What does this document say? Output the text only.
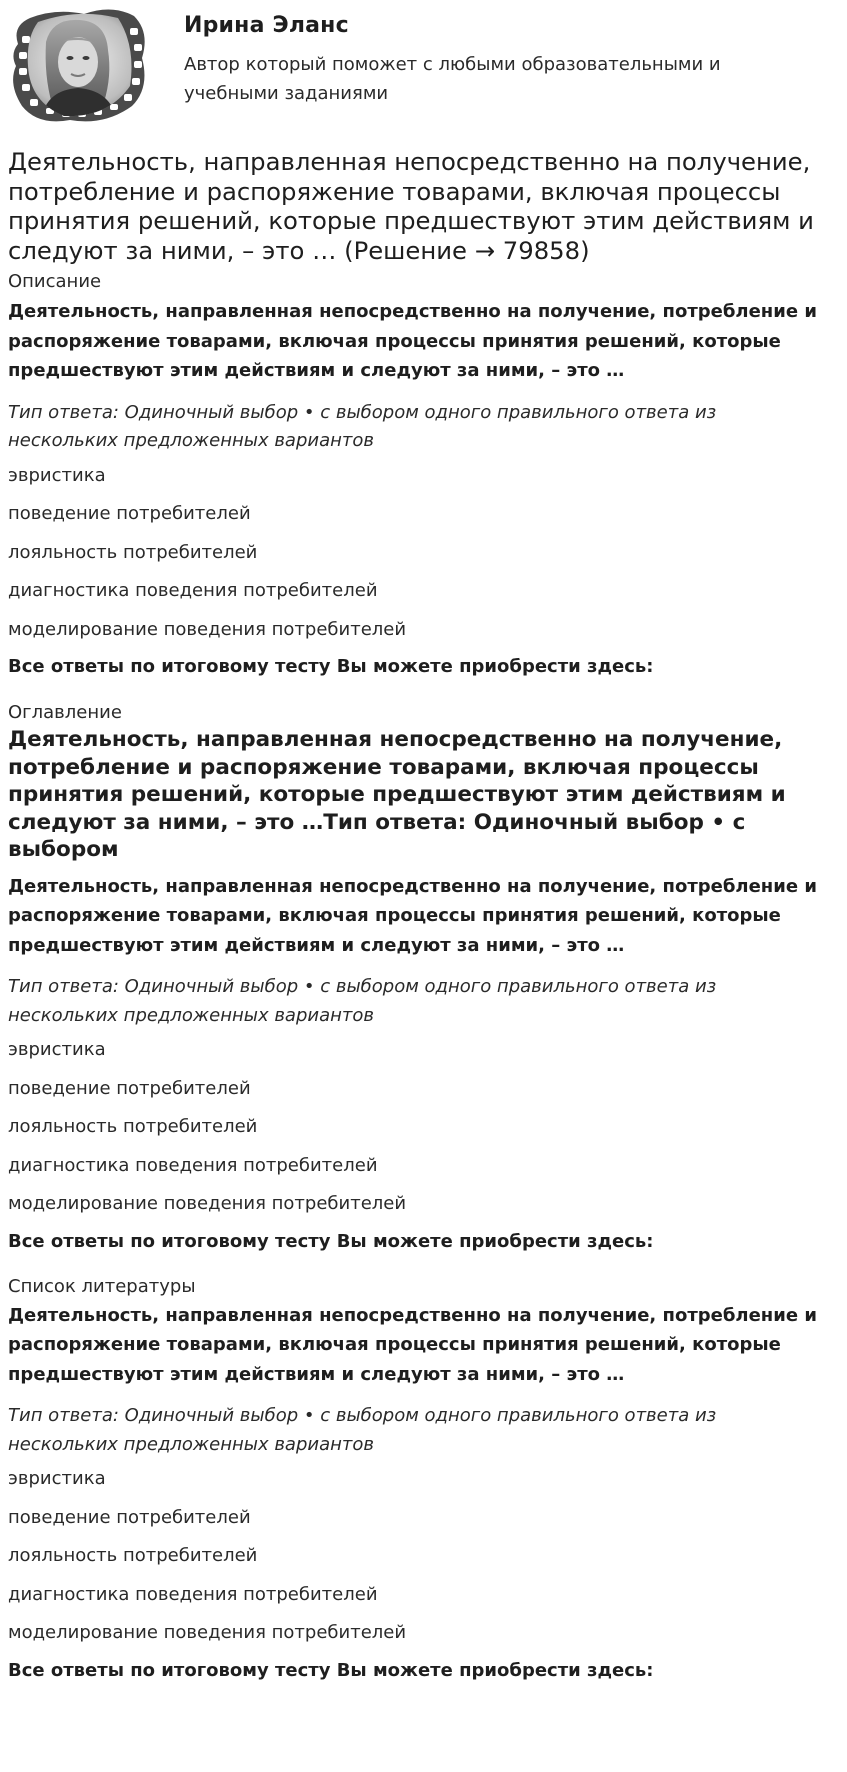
Ирина Эланс
Автор который поможет с любыми образовательными и учебными заданиями
Деятельность, направленная непосредственно на получение, потребление и распоряжение товарами, включая процессы принятия решений, которые предшествуют этим действиям и следуют за ними, – это … (Решение → 79858)
Описание
Деятельность, направленная непосредственно на получение, потребление и распоряжение товарами, включая процессы принятия решений, которые предшествуют этим действиям и следуют за ними, – это …
Тип ответа: Одиночный выбор • с выбором одного правильного ответа из нескольких предложенных вариантов
эвристика
поведение потребителей
лояльность потребителей
диагностика поведения потребителей
моделирование поведения потребителей
Все ответы по итоговому тесту Вы можете приобрести здесь:
Оглавление
Деятельность, направленная непосредственно на получение, потребление и распоряжение товарами, включая процессы принятия решений, которые предшествуют этим действиям и следуют за ними, – это …Тип ответа: Одиночный выбор • с выбором
Деятельность, направленная непосредственно на получение, потребление и распоряжение товарами, включая процессы принятия решений, которые предшествуют этим действиям и следуют за ними, – это …
Тип ответа: Одиночный выбор • с выбором одного правильного ответа из нескольких предложенных вариантов
эвристика
поведение потребителей
лояльность потребителей
диагностика поведения потребителей
моделирование поведения потребителей
Все ответы по итоговому тесту Вы можете приобрести здесь:
Список литературы
Деятельность, направленная непосредственно на получение, потребление и распоряжение товарами, включая процессы принятия решений, которые предшествуют этим действиям и следуют за ними, – это …
Тип ответа: Одиночный выбор • с выбором одного правильного ответа из нескольких предложенных вариантов
эвристика
поведение потребителей
лояльность потребителей
диагностика поведения потребителей
моделирование поведения потребителей
Все ответы по итоговому тесту Вы можете приобрести здесь:
